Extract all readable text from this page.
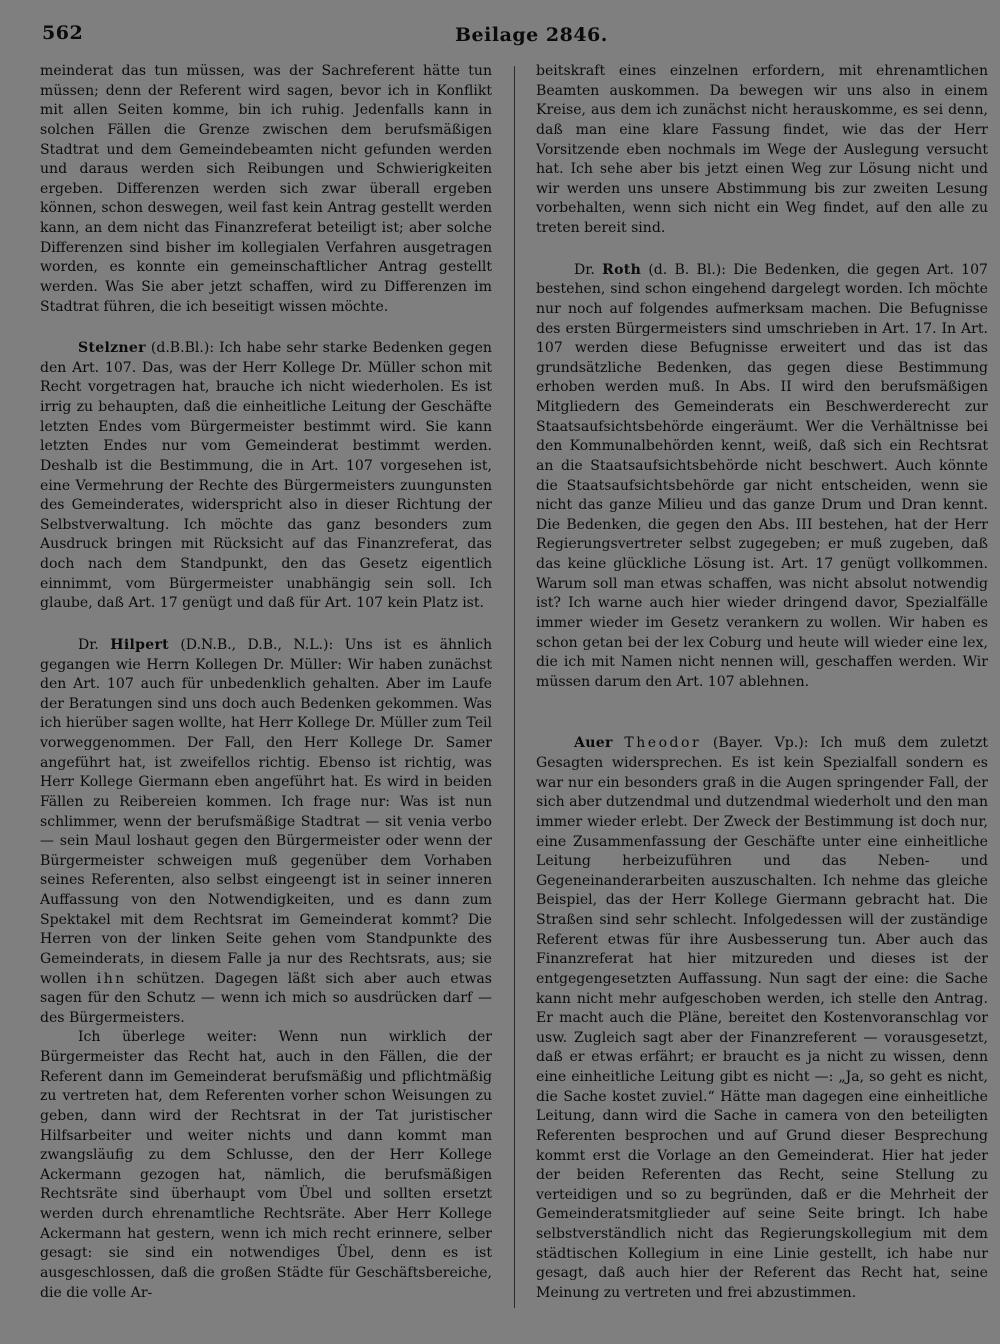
562	Beilage 2846.

meinderat das tun müssen, was der Sachreferent hätte tun müssen; denn der Referent wird sagen, bevor ich in Konflikt mit allen Seiten komme, bin ich ruhig. Jedenfalls kann in solchen Fällen die Grenze zwischen dem berufsmäßigen Stadtrat und dem Gemeindebeamten nicht gefunden werden und daraus werden sich Reibungen und Schwierigkeiten ergeben. Differenzen werden sich zwar überall ergeben können, schon deswegen, weil fast kein Antrag gestellt werden kann, an dem nicht das Finanzreferat beteiligt ist; aber solche Differenzen sind bisher im kollegialen Verfahren ausgetragen worden, es konnte ein gemeinschaftlicher Antrag gestellt werden. Was Sie aber jetzt schaffen, wird zu Differenzen im Stadtrat führen, die ich beseitigt wissen möchte.

Stelzner (d.B.Bl.): Ich habe sehr starke Bedenken gegen den Art. 107. Das, was der Herr Kollege Dr. Müller schon mit Recht vorgetragen hat, brauche ich nicht wiederholen. Es ist irrig zu behaupten, daß die einheitliche Leitung der Geschäfte letzten Endes vom Bürgermeister bestimmt wird. Sie kann letzten Endes nur vom Gemeinderat bestimmt werden. Deshalb ist die Bestimmung, die in Art. 107 vorgesehen ist, eine Vermehrung der Rechte des Bürgermeisters zuungunsten des Gemeinderates, widerspricht also in dieser Richtung der Selbstverwaltung. Ich möchte das ganz besonders zum Ausdruck bringen mit Rücksicht auf das Finanzreferat, das doch nach dem Standpunkt, den das Gesetz eigentlich einnimmt, vom Bürgermeister unabhängig sein soll. Ich glaube, daß Art. 17 genügt und daß für Art. 107 kein Platz ist.

Dr. Hilpert (D.N.B., D.B., N.L.): Uns ist es ähnlich gegangen wie Herrn Kollegen Dr. Müller: Wir haben zunächst den Art. 107 auch für unbedenklich gehalten. Aber im Laufe der Beratungen sind uns doch auch Bedenken gekommen. Was ich hierüber sagen wollte, hat Herr Kollege Dr. Müller zum Teil vorweggenommen. Der Fall, den Herr Kollege Dr. Samer angeführt hat, ist zweifellos richtig. Ebenso ist richtig, was Herr Kollege Giermann eben angeführt hat. Es wird in beiden Fällen zu Reibereien kommen. Ich frage nur: Was ist nun schlimmer, wenn der berufsmäßige Stadtrat — sit venia verbo — sein Maul loshaut gegen den Bürgermeister oder wenn der Bürgermeister schweigen muß gegenüber dem Vorhaben seines Referenten, also selbst eingeengt ist in seiner inneren Auffassung von den Notwendigkeiten, und es dann zum Spektakel mit dem Rechtsrat im Gemeinderat kommt? Die Herren von der linken Seite gehen vom Standpunkte des Gemeinderats, in diesem Falle ja nur des Rechtsrats, aus; sie wollen ihn schützen. Dagegen läßt sich aber auch etwas sagen für den Schutz — wenn ich mich so ausdrücken darf — des Bürgermeisters.

Ich überlege weiter: Wenn nun wirklich der Bürgermeister das Recht hat, auch in den Fällen, die der Referent dann im Gemeinderat berufsmäßig und pflichtmäßig zu vertreten hat, dem Referenten vorher schon Weisungen zu geben, dann wird der Rechtsrat in der Tat juristischer Hilfsarbeiter und weiter nichts und dann kommt man zwangsläufig zu dem Schlusse, den der Herr Kollege Ackermann gezogen hat, nämlich, die berufsmäßigen Rechtsräte sind überhaupt vom Übel und sollten ersetzt werden durch ehrenamtliche Rechtsräte. Aber Herr Kollege Ackermann hat gestern, wenn ich mich recht erinnere, selber gesagt: sie sind ein notwendiges Übel, denn es ist ausgeschlossen, daß die großen Städte für Geschäftsbereiche, die die volle Ar-

beitskraft eines einzelnen erfordern, mit ehrenamtlichen Beamten auskommen. Da bewegen wir uns also in einem Kreise, aus dem ich zunächst nicht herauskomme, es sei denn, daß man eine klare Fassung findet, wie das der Herr Vorsitzende eben nochmals im Wege der Auslegung versucht hat. Ich sehe aber bis jetzt einen Weg zur Lösung nicht und wir werden uns unsere Abstimmung bis zur zweiten Lesung vorbehalten, wenn sich nicht ein Weg findet, auf den alle zu treten bereit sind.

Dr. Roth (d. B. Bl.): Die Bedenken, die gegen Art. 107 bestehen, sind schon eingehend dargelegt worden. Ich möchte nur noch auf folgendes aufmerksam machen. Die Befugnisse des ersten Bürgermeisters sind umschrieben in Art. 17. In Art. 107 werden diese Befugnisse erweitert und das ist das grundsätzliche Bedenken, das gegen diese Bestimmung erhoben werden muß. In Abs. II wird den berufsmäßigen Mitgliedern des Gemeinderats ein Beschwerderecht zur Staatsaufsichtsbehörde eingeräumt. Wer die Verhältnisse bei den Kommunalbehörden kennt, weiß, daß sich ein Rechtsrat an die Staatsaufsichtsbehörde nicht beschwert. Auch könnte die Staatsaufsichtsbehörde gar nicht entscheiden, wenn sie nicht das ganze Milieu und das ganze Drum und Dran kennt. Die Bedenken, die gegen den Abs. III bestehen, hat der Herr Regierungsvertreter selbst zugegeben; er muß zugeben, daß das keine glückliche Lösung ist. Art. 17 genügt vollkommen. Warum soll man etwas schaffen, was nicht absolut notwendig ist? Ich warne auch hier wieder dringend davor, Spezialfälle immer wieder im Gesetz verankern zu wollen. Wir haben es schon getan bei der lex Coburg und heute will wieder eine lex, die ich mit Namen nicht nennen will, geschaffen werden. Wir müssen darum den Art. 107 ablehnen.

Auer Theodor (Bayer. Vp.): Ich muß dem zuletzt Gesagten widersprechen. Es ist kein Spezialfall sondern es war nur ein besonders graß in die Augen springender Fall, der sich aber dutzendmal und dutzendmal wiederholt und den man immer wieder erlebt. Der Zweck der Bestimmung ist doch nur, eine Zusammenfassung der Geschäfte unter eine einheitliche Leitung herbeizuführen und das Neben- und Gegeneinanderarbeiten auszuschalten. Ich nehme das gleiche Beispiel, das der Herr Kollege Giermann gebracht hat. Die Straßen sind sehr schlecht. Infolgedessen will der zuständige Referent etwas für ihre Ausbesserung tun. Aber auch das Finanzreferat hat hier mitzureden und dieses ist der entgegengesetzten Auffassung. Nun sagt der eine: die Sache kann nicht mehr aufgeschoben werden, ich stelle den Antrag. Er macht auch die Pläne, bereitet den Kostenvoranschlag vor usw. Zugleich sagt aber der Finanzreferent — vorausgesetzt, daß er etwas erfährt; er braucht es ja nicht zu wissen, denn eine einheitliche Leitung gibt es nicht —: „Ja, so geht es nicht, die Sache kostet zuviel.“ Hätte man dagegen eine einheitliche Leitung, dann wird die Sache in camera von den beteiligten Referenten besprochen und auf Grund dieser Besprechung kommt erst die Vorlage an den Gemeinderat. Hier hat jeder der beiden Referenten das Recht, seine Stellung zu verteidigen und so zu begründen, daß er die Mehrheit der Gemeinderatsmitglieder auf seine Seite bringt. Ich habe selbstverständlich nicht das Regierungskollegium mit dem städtischen Kollegium in eine Linie gestellt, ich habe nur gesagt, daß auch hier der Referent das Recht hat, seine Meinung zu vertreten und frei abzustimmen.
